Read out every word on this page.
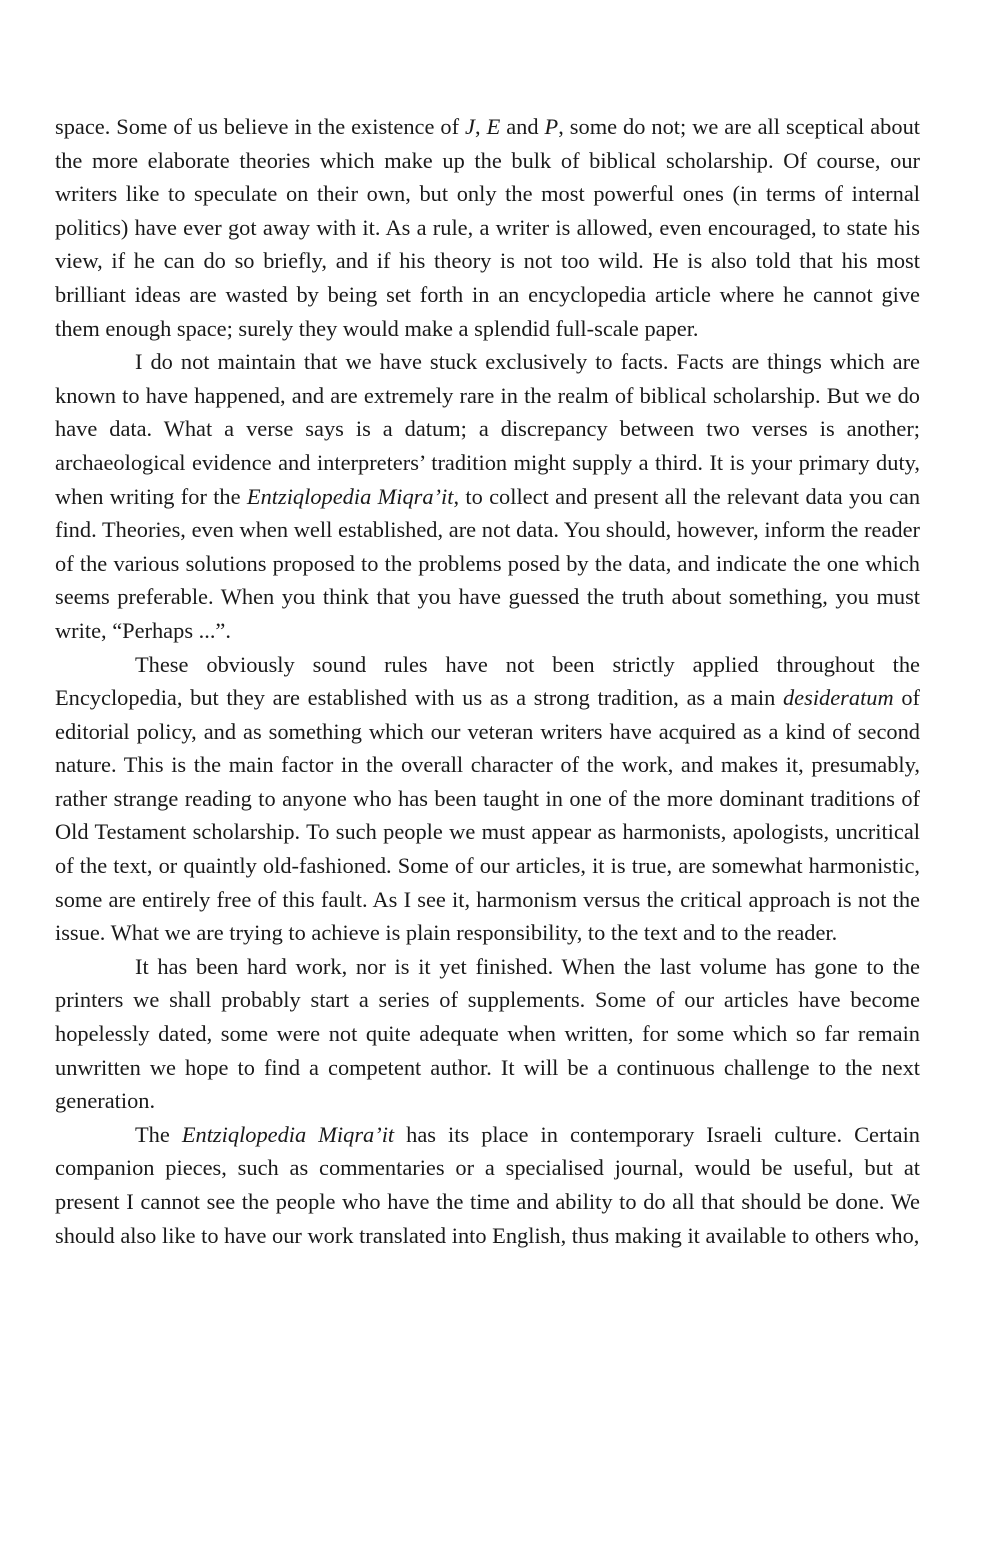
space. Some of us believe in the existence of J, E and P, some do not; we are all sceptical about the more elaborate theories which make up the bulk of biblical scholarship. Of course, our writers like to speculate on their own, but only the most powerful ones (in terms of internal politics) have ever got away with it. As a rule, a writer is allowed, even encouraged, to state his view, if he can do so briefly, and if his theory is not too wild. He is also told that his most brilliant ideas are wasted by being set forth in an encyclopedia article where he cannot give them enough space; surely they would make a splendid full-scale paper.

I do not maintain that we have stuck exclusively to facts. Facts are things which are known to have happened, and are extremely rare in the realm of biblical scholarship. But we do have data. What a verse says is a datum; a discrepancy between two verses is another; archaeological evidence and interpreters’ tradition might supply a third. It is your primary duty, when writing for the Entziqlopedia Miqra’it, to collect and present all the relevant data you can find. Theories, even when well established, are not data. You should, however, inform the reader of the various solutions proposed to the problems posed by the data, and indicate the one which seems preferable. When you think that you have guessed the truth about something, you must write, “Perhaps ...”.

These obviously sound rules have not been strictly applied throughout the Encyclopedia, but they are established with us as a strong tradition, as a main desideratum of editorial policy, and as something which our veteran writers have acquired as a kind of second nature. This is the main factor in the overall character of the work, and makes it, presumably, rather strange reading to anyone who has been taught in one of the more dominant traditions of Old Testament scholarship. To such people we must appear as harmonists, apologists, uncritical of the text, or quaintly old-fashioned. Some of our articles, it is true, are somewhat harmonistic, some are entirely free of this fault. As I see it, harmonism versus the critical approach is not the issue. What we are trying to achieve is plain responsibility, to the text and to the reader.

It has been hard work, nor is it yet finished. When the last volume has gone to the printers we shall probably start a series of supplements. Some of our articles have become hopelessly dated, some were not quite adequate when written, for some which so far remain unwritten we hope to find a competent author. It will be a continuous challenge to the next generation.

The Entziqlopedia Miqra’it has its place in contemporary Israeli culture. Certain companion pieces, such as commentaries or a specialised journal, would be useful, but at present I cannot see the people who have the time and ability to do all that should be done. We should also like to have our work translated into English, thus making it available to others who,
